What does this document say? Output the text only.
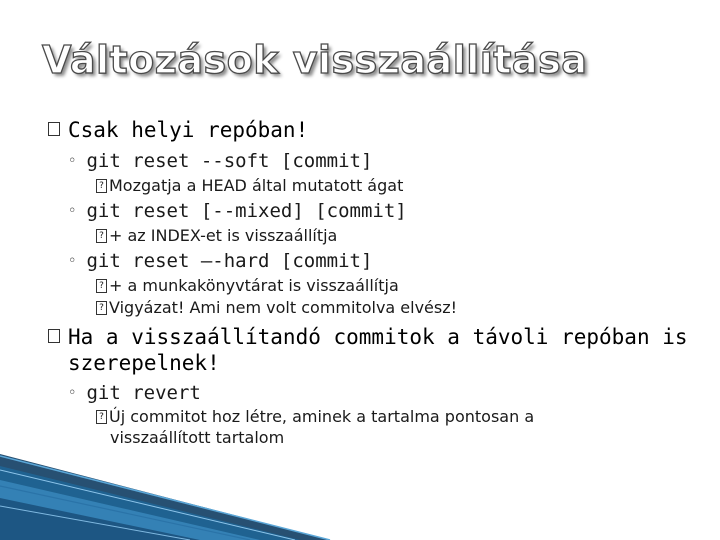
Változások visszaállítása
Csak helyi repóban!
◦ git reset --soft [commit]
? Mozgatja a HEAD által mutatott ágat
◦ git reset [--mixed] [commit]
? + az INDEX-et is visszaállítja
◦ git reset –-hard [commit]
? + a munkakönyvtárat is visszaállítja
? Vigyázat! Ami nem volt commitolva elvész!
Ha a visszaállítandó commitok a távoli repóban is
szerepelnek!
◦ git revert
? Új commitot hoz létre, aminek a tartalma pontosan a
visszaállított tartalom
